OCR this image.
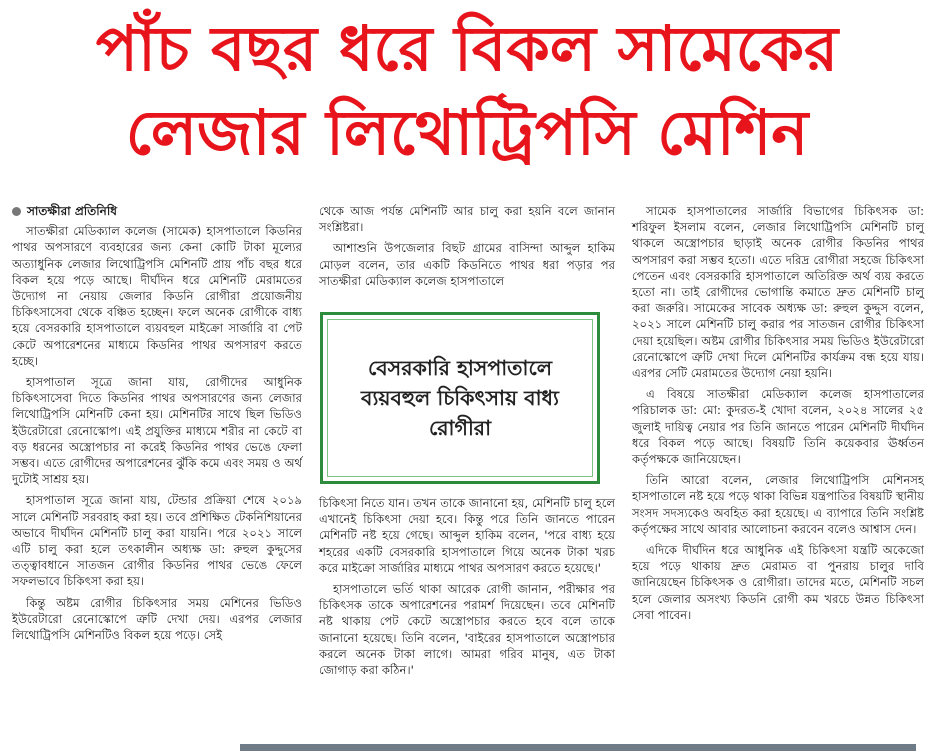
পাঁচ বছর ধরে বিকল সামেকের
লেজার লিথোট্রিপসি মেশিন

সাতক্ষীরা প্রতিনিধি

সাতক্ষীরা মেডিক্যাল কলেজ (সামেক) হাসপাতালে কিডনির পাথর অপসারণে ব্যবহারের জন্য কেনা কোটি টাকা মূল্যের অত্যাধুনিক লেজার লিথোট্রিপসি মেশিনটি প্রায় পাঁচ বছর ধরে বিকল হয়ে পড়ে আছে। দীর্ঘদিন ধরে মেশিনটি মেরামতের উদ্যোগ না নেয়ায় জেলার কিডনি রোগীরা প্রয়োজনীয় চিকিৎসাসেবা থেকে বঞ্চিত হচ্ছেন। ফলে অনেক রোগীকে বাধ্য হয়ে বেসরকারি হাসপাতালে ব্যয়বহুল মাইক্রো সার্জারি বা পেট কেটে অপারেশনের মাধ্যমে কিডনির পাথর অপসারণ করতে হচ্ছে।

হাসপাতাল সূত্রে জানা যায়, রোগীদের আধুনিক চিকিৎসাসেবা দিতে কিডনির পাথর অপসারণের জন্য লেজার লিথোট্রিপসি মেশিনটি কেনা হয়। মেশিনটির সাথে ছিল ভিডিও ইউরেটারো রেনোস্কোপ। এই প্রযুক্তির মাধ্যমে শরীর না কেটে বা বড় ধরনের অস্ত্রোপচার না করেই কিডনির পাথর ভেঙে ফেলা সম্ভব। এতে রোগীদের অপারেশনের ঝুঁকি কমে এবং সময় ও অর্থ দুটোই সাশ্রয় হয়।

হাসপাতাল সূত্রে জানা যায়, টেন্ডার প্রক্রিয়া শেষে ২০১৯ সালে মেশিনটি সরবরাহ করা হয়। তবে প্রশিক্ষিত টেকনিশিয়ানের অভাবে দীর্ঘদিন মেশিনটি চালু করা যায়নি। পরে ২০২১ সালে এটি চালু করা হলে তৎকালীন অধ্যক্ষ ডা: রুহুল কুদ্দুসের তত্ত্বাবধানে সাতজন রোগীর কিডনির পাথর ভেঙে ফেলে সফলভাবে চিকিৎসা করা হয়।

কিন্তু অষ্টম রোগীর চিকিৎসার সময় মেশিনের ভিডিও ইউরেটারো রেনোস্কোপে ত্রুটি দেখা দেয়। এরপর লেজার লিথোট্রিপসি মেশিনটিও বিকল হয়ে পড়ে। সেই

থেকে আজ পর্যন্ত মেশিনটি আর চালু করা হয়নি বলে জানান সংশ্লিষ্টরা।

আশাশুনি উপজেলার বিছট গ্রামের বাসিন্দা আব্দুল হাকিম মোড়ল বলেন, তার একটি কিডনিতে পাথর ধরা পড়ার পর সাতক্ষীরা মেডিক্যাল কলেজ হাসপাতালে

বেসরকারি হাসপাতালে ব্যয়বহুল চিকিৎসায় বাধ্য রোগীরা

চিকিৎসা নিতে যান। তখন তাকে জানানো হয়, মেশিনটি চালু হলে এখানেই চিকিৎসা দেয়া হবে। কিন্তু পরে তিনি জানতে পারেন মেশিনটি নষ্ট হয়ে গেছে। আব্দুল হাকিম বলেন, 'পরে বাধ্য হয়ে শহরের একটি বেসরকারি হাসপাতালে গিয়ে অনেক টাকা খরচ করে মাইক্রো সার্জারির মাধ্যমে পাথর অপসারণ করতে হয়েছে।'

হাসপাতালে ভর্তি থাকা আরেক রোগী জানান, পরীক্ষার পর চিকিৎসক তাকে অপারেশনের পরামর্শ দিয়েছেন। তবে মেশিনটি নষ্ট থাকায় পেট কেটে অস্ত্রোপচার করতে হবে বলে তাকে জানানো হয়েছে। তিনি বলেন, 'বাইরের হাসপাতালে অস্ত্রোপচার করলে অনেক টাকা লাগে। আমরা গরিব মানুষ, এত টাকা জোগাড় করা কঠিন।'

সামেক হাসপাতালের সার্জারি বিভাগের চিকিৎসক ডা: শরিফুল ইসলাম বলেন, লেজার লিথোট্রিপসি মেশিনটি চালু থাকলে অস্ত্রোপচার ছাড়াই অনেক রোগীর কিডনির পাথর অপসারণ করা সম্ভব হতো। এতে দরিদ্র রোগীরা সহজে চিকিৎসা পেতেন এবং বেসরকারি হাসপাতালে অতিরিক্ত অর্থ ব্যয় করতে হতো না। তাই রোগীদের ভোগান্তি কমাতে দ্রুত মেশিনটি চালু করা জরুরি। সামেকের সাবেক অধ্যক্ষ ডা: রুহুল কুদ্দুস বলেন, ২০২১ সালে মেশিনটি চালু করার পর সাতজন রোগীর চিকিৎসা দেয়া হয়েছিল। অষ্টম রোগীর চিকিৎসার সময় ভিডিও ইউরেটারো রেনোস্কোপে ত্রুটি দেখা দিলে মেশিনটির কার্যক্রম বন্ধ হয়ে যায়। এরপর সেটি মেরামতের উদ্যোগ নেয়া হয়নি।

এ বিষয়ে সাতক্ষীরা মেডিক্যাল কলেজ হাসপাতালের পরিচালক ডা: মো: কুদরত-ই খোদা বলেন, ২০২৪ সালের ২৫ জুলাই দায়িত্ব নেয়ার পর তিনি জানতে পারেন মেশিনটি দীর্ঘদিন ধরে বিকল পড়ে আছে। বিষয়টি তিনি কয়েকবার ঊর্ধ্বতন কর্তৃপক্ষকে জানিয়েছেন।

তিনি আরো বলেন, লেজার লিথোট্রিপসি মেশিনসহ হাসপাতালে নষ্ট হয়ে পড়ে থাকা বিভিন্ন যন্ত্রপাতির বিষয়টি স্থানীয় সংসদ সদস্যকেও অবহিত করা হয়েছে। এ ব্যাপারে তিনি সংশ্লিষ্ট কর্তৃপক্ষের সাথে আবার আলোচনা করবেন বলেও আশ্বাস দেন।

এদিকে দীর্ঘদিন ধরে আধুনিক এই চিকিৎসা যন্ত্রটি অকেজো হয়ে পড়ে থাকায় দ্রুত মেরামত বা পুনরায় চালুর দাবি জানিয়েছেন চিকিৎসক ও রোগীরা। তাদের মতে, মেশিনটি সচল হলে জেলার অসংখ্য কিডনি রোগী কম খরচে উন্নত চিকিৎসা সেবা পাবেন।
